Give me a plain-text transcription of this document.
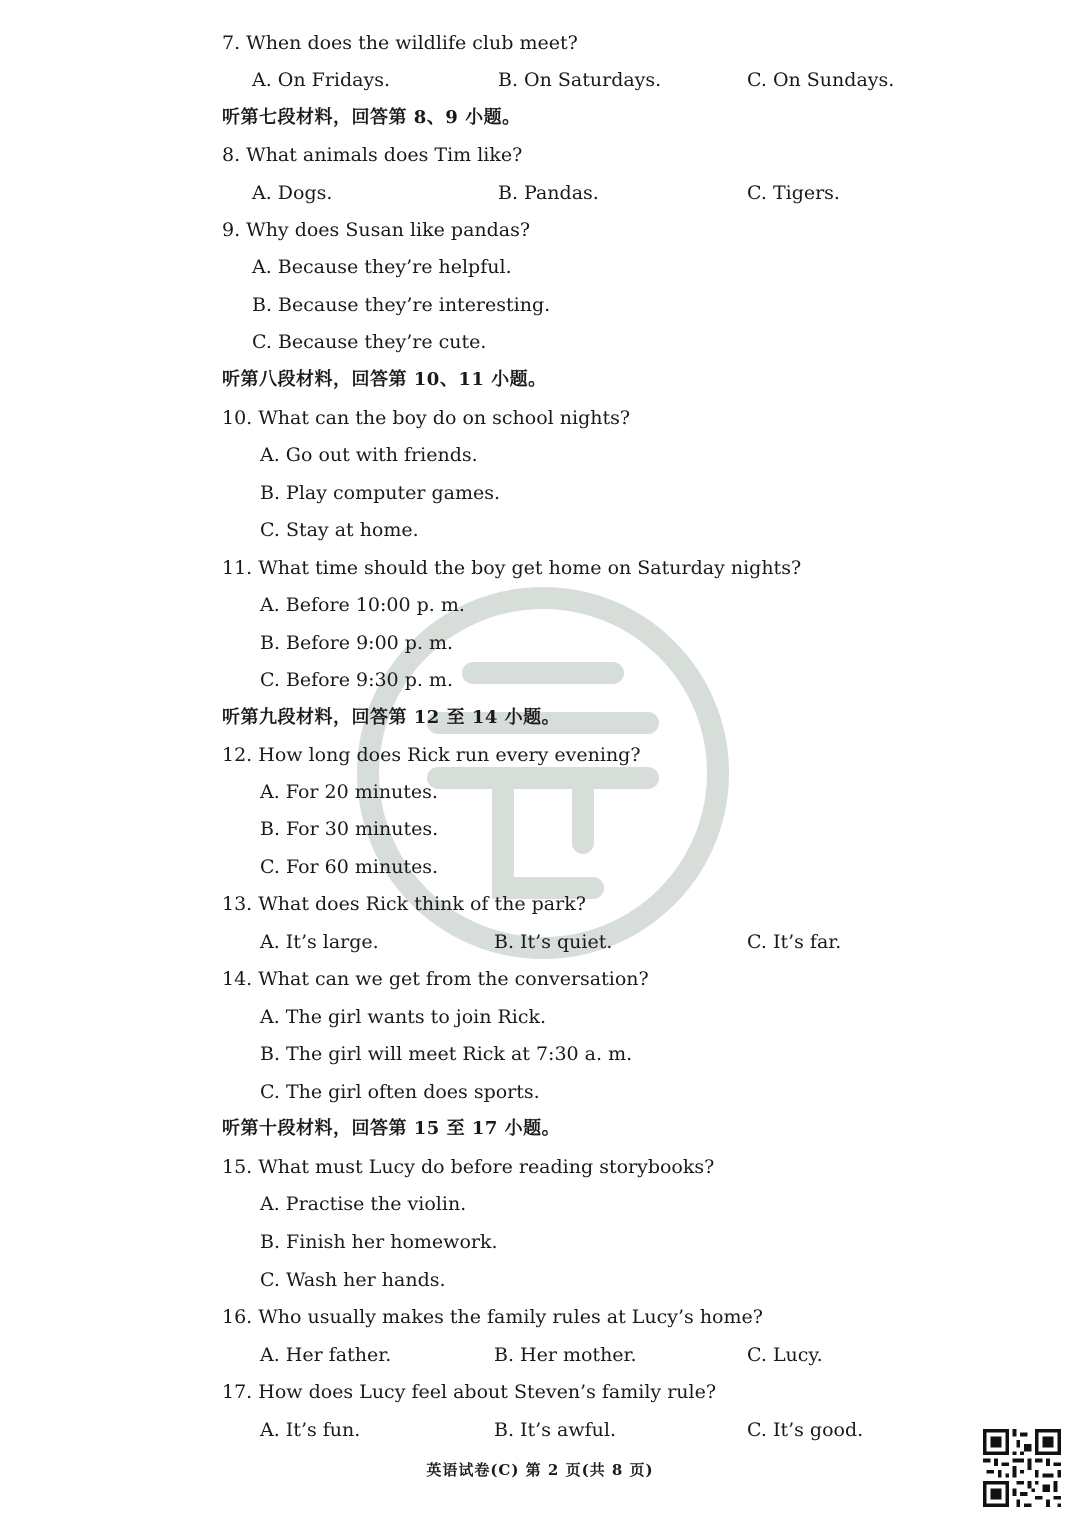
7. When does the wildlife club meet?
A. On Fridays.	B. On Saturdays.	C. On Sundays.
听第七段材料，回答第 8、9 小题。
8. What animals does Tim like?
A. Dogs.	B. Pandas.	C. Tigers.
9. Why does Susan like pandas?
A. Because they’re helpful.
B. Because they’re interesting.
C. Because they’re cute.
听第八段材料，回答第 10、11 小题。
10. What can the boy do on school nights?
A. Go out with friends.
B. Play computer games.
C. Stay at home.
11. What time should the boy get home on Saturday nights?
A. Before 10:00 p. m.
B. Before 9:00 p. m.
C. Before 9:30 p. m.
听第九段材料，回答第 12 至 14 小题。
12. How long does Rick run every evening?
A. For 20 minutes.
B. For 30 minutes.
C. For 60 minutes.
13. What does Rick think of the park?
A. It’s large.	B. It’s quiet.	C. It’s far.
14. What can we get from the conversation?
A. The girl wants to join Rick.
B. The girl will meet Rick at 7:30 a. m.
C. The girl often does sports.
听第十段材料，回答第 15 至 17 小题。
15. What must Lucy do before reading storybooks?
A. Practise the violin.
B. Finish her homework.
C. Wash her hands.
16. Who usually makes the family rules at Lucy’s home?
A. Her father.	B. Her mother.	C. Lucy.
17. How does Lucy feel about Steven’s family rule?
A. It’s fun.	B. It’s awful.	C. It’s good.
英语试卷(C) 第 2 页(共 8 页)
